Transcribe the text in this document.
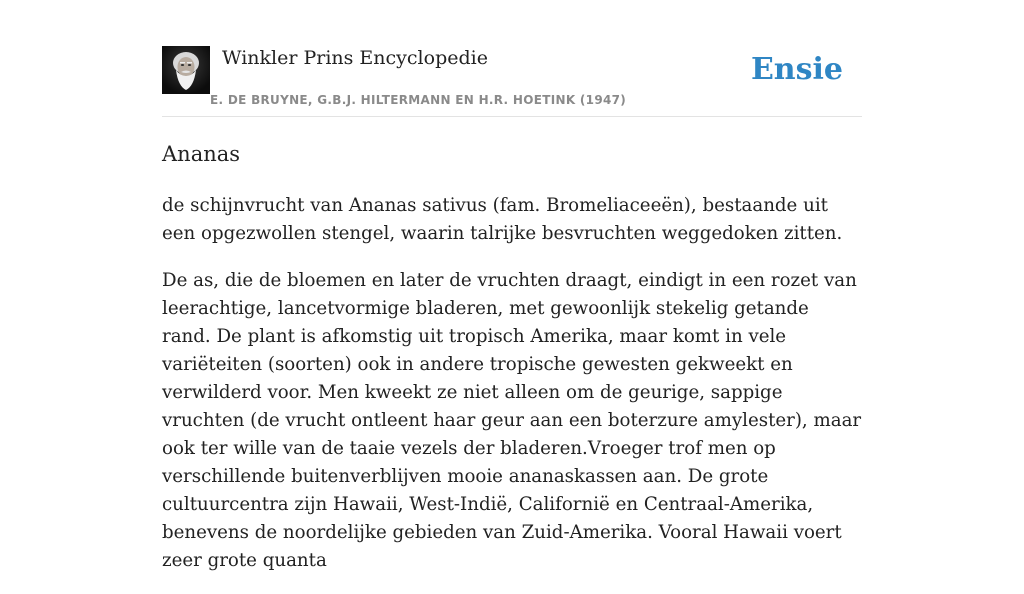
Winkler Prins Encyclopedie
E. DE BRUYNE, G.B.J. HILTERMANN EN H.R. HOETINK (1947)
Ensie
Ananas

de schijnvrucht van Ananas sativus (fam. Bromeliaceeën), bestaande uit een opgezwollen stengel, waarin talrijke besvruchten weggedoken zitten.

De as, die de bloemen en later de vruchten draagt, eindigt in een rozet van leerachtige, lancetvormige bladeren, met gewoonlijk stekelig getande rand. De plant is afkomstig uit tropisch Amerika, maar komt in vele variëteiten (soorten) ook in andere tropische gewesten gekweekt en verwilderd voor. Men kweekt ze niet alleen om de geurige, sappige vruchten (de vrucht ontleent haar geur aan een boterzure amylester), maar ook ter wille van de taaie vezels der bladeren.Vroeger trof men op verschillende buitenverblijven mooie ananaskassen aan. De grote cultuurcentra zijn Hawaii, West-Indië, Californië en Centraal-Amerika, benevens de noordelijke gebieden van Zuid-Amerika. Vooral Hawaii voert zeer grote quanta
